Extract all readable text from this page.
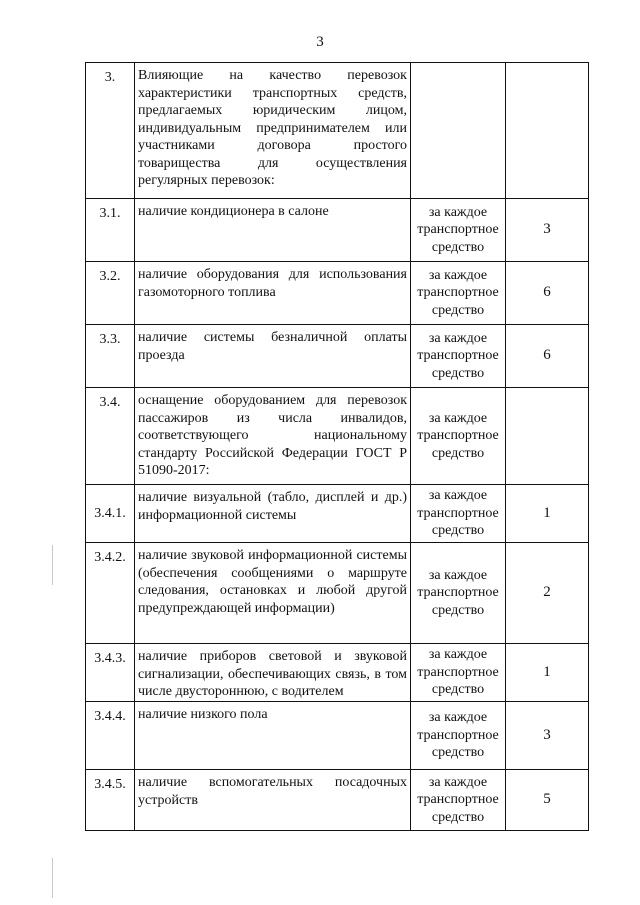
3
3.	Влияющие на качество перевозок характеристики транспортных средств, предлагаемых юридическим лицом, индивидуальным предпринимателем или участниками договора простого товарищества для осуществления регулярных перевозок:		
3.1.	наличие кондиционера в салоне	за каждое транспортное средство	3
3.2.	наличие оборудования для использования газомоторного топлива	за каждое транспортное средство	6
3.3.	наличие системы безналичной оплаты проезда	за каждое транспортное средство	6
3.4.	оснащение оборудованием для перевозок пассажиров из числа инвалидов, соответствующего национальному стандарту Российской Федерации ГОСТ Р 51090-2017:	за каждое транспортное средство	
3.4.1.	наличие визуальной (табло, дисплей и др.) информационной системы	за каждое транспортное средство	1
3.4.2.	наличие звуковой информационной системы (обеспечения сообщениями о маршруте следования, остановках и любой другой предупреждающей информации)	за каждое транспортное средство	2
3.4.3.	наличие приборов световой и звуковой сигнализации, обеспечивающих связь, в том числе двустороннюю, с водителем	за каждое транспортное средство	1
3.4.4.	наличие низкого пола	за каждое транспортное средство	3
3.4.5.	наличие вспомогательных посадочных устройств	за каждое транспортное средство	5
